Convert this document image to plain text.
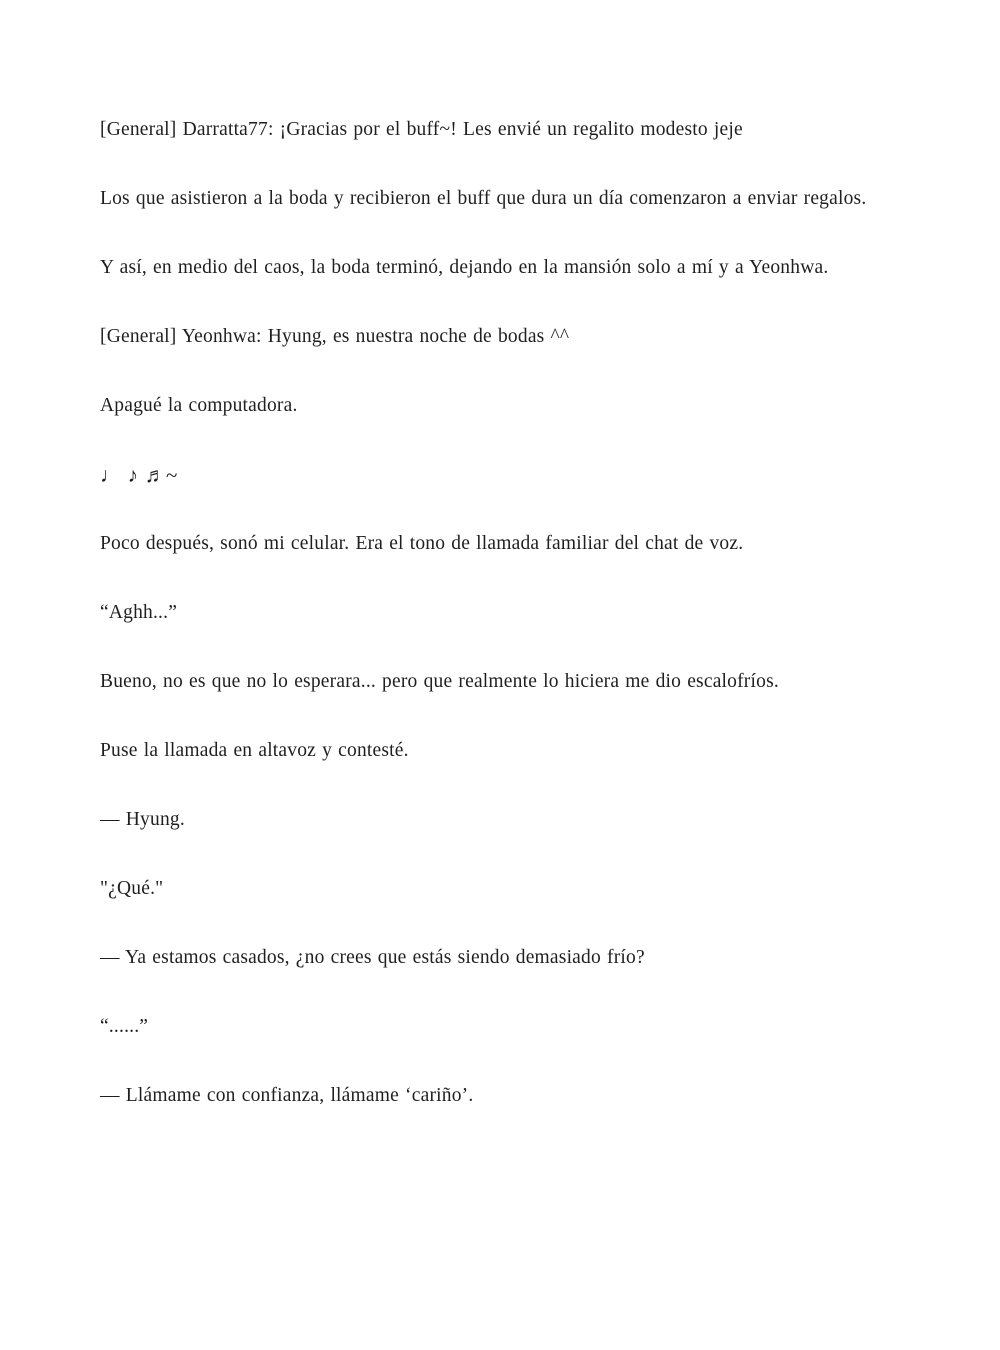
[General] Darratta77: ¡Gracias por el buff~! Les envié un regalito modesto jeje

Los que asistieron a la boda y recibieron el buff que dura un día comenzaron a enviar regalos.

Y así, en medio del caos, la boda terminó, dejando en la mansión solo a mí y a Yeonhwa.

[General] Yeonhwa: Hyung, es nuestra noche de bodas ^^

Apagué la computadora.

♩ ♪ ♬~

Poco después, sonó mi celular. Era el tono de llamada familiar del chat de voz.

“Aghh...”

Bueno, no es que no lo esperara... pero que realmente lo hiciera me dio escalofríos.

Puse la llamada en altavoz y contesté.

— Hyung.

"¿Qué."

— Ya estamos casados, ¿no crees que estás siendo demasiado frío?

“......”

— Llámame con confianza, llámame ‘cariño’.
